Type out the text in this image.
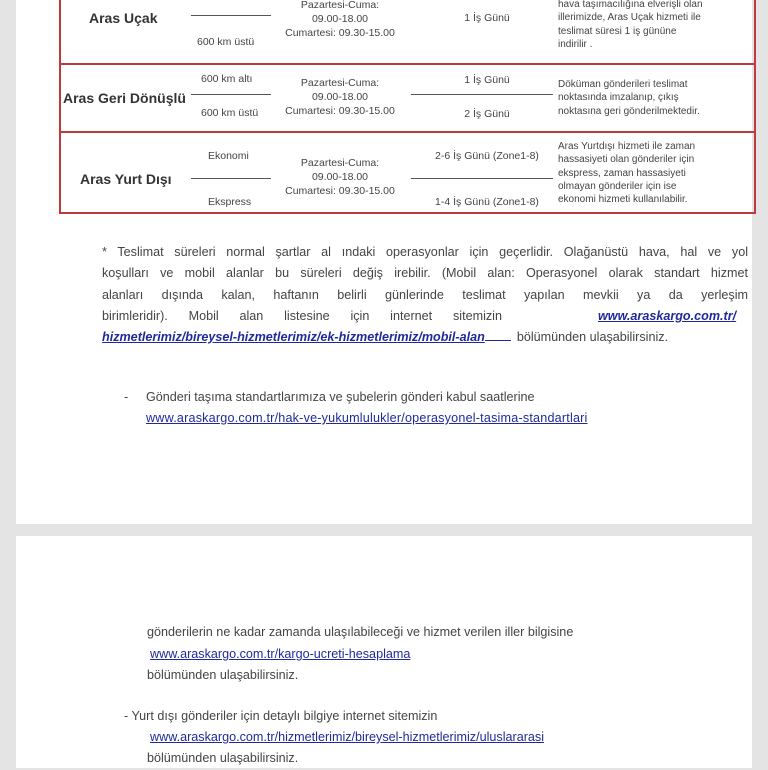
Aras Uçak
600 km üstü
Pazartesi-Cuma:
09.00-18.00
Cumartesi: 09.30-15.00
1 İş Günü
hava taşımacılığına elverişli olan
illerimizde, Aras Uçak hizmeti ile
teslimat süresi 1 iş gününe
indirilir .
Aras Geri Dönüşlü
600 km altı
600 km üstü
Pazartesi-Cuma:
09.00-18.00
Cumartesi: 09.30-15.00
1 İş Günü
2 İş Günü
Döküman gönderileri teslimat
noktasında imzalanıp, çıkış
noktasına geri gönderilmektedir.
Aras Yurt Dışı
Ekonomi
Ekspress
Pazartesi-Cuma:
09.00-18.00
Cumartesi: 09.30-15.00
2-6 İş Günü (Zone1-8)
1-4 İş Günü (Zone1-8)
Aras Yurtdışı hizmeti ile zaman
hassasiyeti olan gönderiler için
ekspress, zaman hassasiyeti
olmayan gönderiler için ise
ekonomi hizmeti kullanılabilir.
* Teslimat süreleri normal şartlar al ındaki operasyonlar için geçerlidir. Olağanüstü hava, hal ve yol
koşulları ve mobil alanlar bu süreleri değiş irebilir. (Mobil alan: Operasyonel olarak standart hizmet
alanları dışında kalan, haftanın belirli günlerinde teslimat yapılan mevkii ya da yerleşim
birimleridir). Mobil alan listesine için internet sitemizin	www.araskargo.com.tr/
hizmetlerimiz/bireysel-hizmetlerimiz/ek-hizmetlerimiz/mobil-alan	bölümünden ulaşabilirsiniz.
- Gönderi taşıma standartlarımıza ve şubelerin gönderi kabul saatlerine
www.araskargo.com.tr/hak-ve-yukumlulukler/operasyonel-tasima-standartlari
gönderilerin ne kadar zamanda ulaşılabileceği ve hizmet verilen iller bilgisine
www.araskargo.com.tr/kargo-ucreti-hesaplama
bölümünden ulaşabilirsiniz.
- Yurt dışı gönderiler için detaylı bilgiye internet sitemizin
www.araskargo.com.tr/hizmetlerimiz/bireysel-hizmetlerimiz/uluslararasi
bölümünden ulaşabilirsiniz.
